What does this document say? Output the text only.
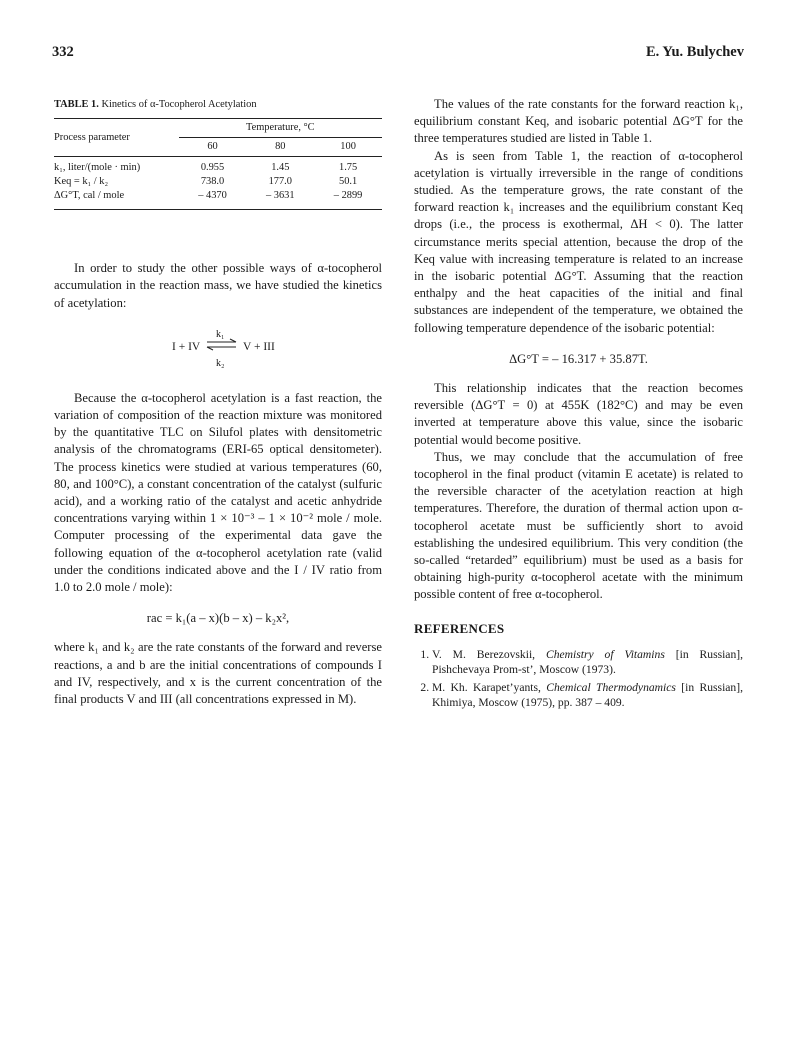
332	E. Yu. Bulychev

TABLE 1. Kinetics of α-Tocopherol Acetylation

Process parameter	Temperature, °C		
	60	80	100

k₁, liter/(mole · min)	0.955	1.45	1.75
Keq = k₁ / k₂	738.0	177.0	50.1
ΔG°T, cal / mole	– 4370	– 3631	– 2899

In order to study the other possible ways of α-tocopherol accumulation in the reaction mass, we have studied the kinetics of acetylation:

I + IV
k₁
k₂
V + III

Because the α-tocopherol acetylation is a fast reaction, the variation of composition of the reaction mixture was monitored by the quantitative TLC on Silufol plates with densitometric analysis of the chromatograms (ERI-65 optical densitometer). The process kinetics were studied at various temperatures (60, 80, and 100°C), a constant concentration of the catalyst (sulfuric acid), and a working ratio of the catalyst and acetic anhydride concentrations varying within 1 × 10⁻³ – 1 × 10⁻² mole / mole. Computer processing of the experimental data gave the following equation of the α-tocopherol acetylation rate (valid under the conditions indicated above and the I / IV ratio from 1.0 to 2.0 mole / mole):

rac = k₁(a – x)(b – x) – k₂x²,

where k₁ and k₂ are the rate constants of the forward and reverse reactions, a and b are the initial concentrations of compounds I and IV, respectively, and x is the current concentration of the final products V and III (all concentrations expressed in M).

The values of the rate constants for the forward reaction k₁, equilibrium constant Keq, and isobaric potential ΔG°T for the three temperatures studied are listed in Table 1.

As is seen from Table 1, the reaction of α-tocopherol acetylation is virtually irreversible in the range of conditions studied. As the temperature grows, the rate constant of the forward reaction k₁ increases and the equilibrium constant Keq drops (i.e., the process is exothermal, ΔH < 0). The latter circumstance merits special attention, because the drop of the Keq value with increasing temperature is related to an increase in the isobaric potential ΔG°T. Assuming that the reaction enthalpy and the heat capacities of the initial and final substances are independent of the temperature, we obtained the following temperature dependence of the isobaric potential:

ΔG°T = – 16.317 + 35.87T.

This relationship indicates that the reaction becomes reversible (ΔG°T = 0) at 455K (182°C) and may be even inverted at temperature above this value, since the isobaric potential would become positive.

Thus, we may conclude that the accumulation of free tocopherol in the final product (vitamin E acetate) is related to the reversible character of the acetylation reaction at high temperatures. Therefore, the duration of thermal action upon α-tocopherol acetate must be sufficiently short to avoid establishing the undesired equilibrium. This very condition (the so-called “retarded” equilibrium) must be used as a basis for obtaining high-purity α-tocopherol acetate with the minimum possible content of free α-tocopherol.

REFERENCES
1. V. M. Berezovskii, Chemistry of Vitamins [in Russian], Pishchevaya Prom-st’, Moscow (1973).
2. M. Kh. Karapet’yants, Chemical Thermodynamics [in Russian], Khimiya, Moscow (1975), pp. 387 – 409.
